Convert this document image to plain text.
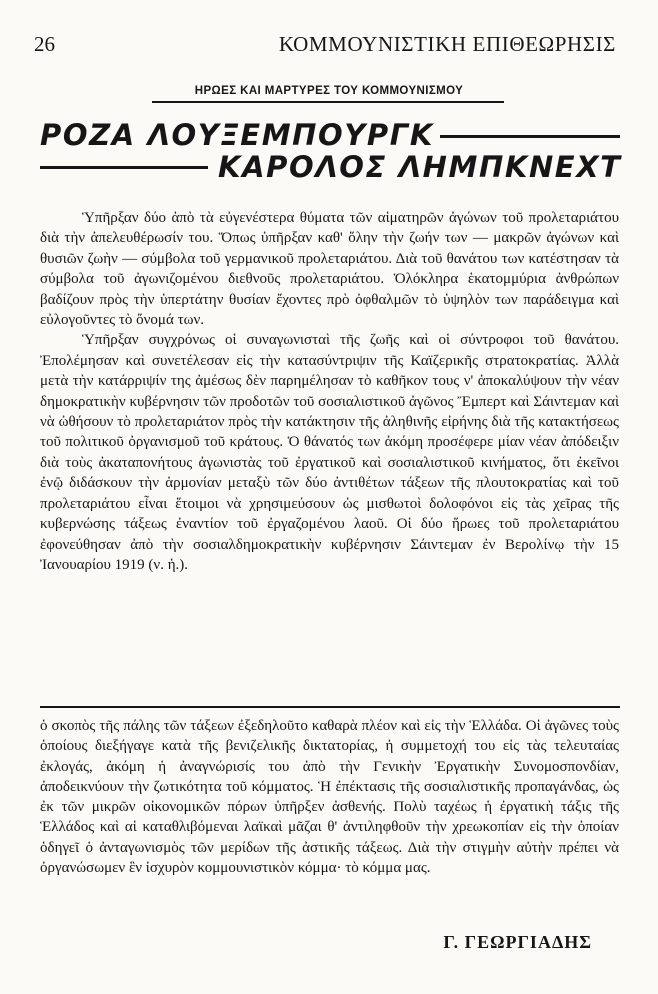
26	ΚΟΜΜΟΥΝΙΣΤΙΚΗ ΕΠΙΘΕΩΡΗΣΙΣ
ΗΡΩΕΣ ΚΑΙ ΜΑΡΤΥΡΕΣ ΤΟΥ ΚΟΜΜΟΥΝΙΣΜΟΥ
ΡΟΖΑ ΛΟΥΞΕΜΠΟΥΡΓΚ
ΚΑΡΟΛΟΣ ΛΗΜΠΚΝΕΧΤ

Ὑπῆρξαν δύο ἀπὸ τὰ εὐγενέστερα θύματα τῶν αἱματηρῶν ἀγώνων τοῦ προλεταριάτου διὰ τὴν ἀπελευθέρωσίν του. Ὅπως ὑπῆρξαν καθ' ὅλην τὴν ζωήν των — μακρῶν ἀγώνων καὶ θυσιῶν ζωὴν — σύμβολα τοῦ γερμανικοῦ προλεταριάτου. Διὰ τοῦ θανάτου των κατέστησαν τὰ σύμβολα τοῦ ἀγωνιζομένου διεθνοῦς προλεταριάτου. Ὁλόκληρα ἑκατομμύρια ἀνθρώπων βαδίζουν πρὸς τὴν ὑπερτάτην θυσίαν ἔχοντες πρὸ ὀφθαλμῶν τὸ ὑψηλὸν των παράδειγμα καὶ εὐλογοῦντες τὸ ὄνομά των.

Ὑπῆρξαν συγχρόνως οἱ συναγωνισταὶ τῆς ζωῆς καὶ οἱ σύντροφοι τοῦ θανάτου. Ἐπολέμησαν καὶ συνετέλεσαν εἰς τὴν κατασύντριψιν τῆς Καϊζερικῆς στρατοκρατίας. Ἀλλὰ μετὰ τὴν κατάρριψίν της ἀμέσως δὲν παρημέλησαν τὸ καθῆκον τους ν' ἀποκαλύψουν τὴν νέαν δημοκρατικὴν κυβέρνησιν τῶν προδοτῶν τοῦ σοσιαλιστικοῦ ἀγῶνος Ἔμπερτ καὶ Σάιντεμαν καὶ νὰ ὠθήσουν τὸ προλεταριάτον πρὸς τὴν κατάκτησιν τῆς ἀληθινῆς εἰρήνης διὰ τῆς κατακτήσεως τοῦ πολιτικοῦ ὀργανισμοῦ τοῦ κράτους. Ὁ θάνατός των ἀκόμη προσέφερε μίαν νέαν ἀπόδειξιν διὰ τοὺς ἀκαταπονήτους ἀγωνιστὰς τοῦ ἐργατικοῦ καὶ σοσιαλιστικοῦ κινήματος, ὅτι ἐκεῖνοι ἐνῷ διδάσκουν τὴν ἁρμονίαν μεταξὺ τῶν δύο ἀντιθέτων τάξεων τῆς πλουτοκρατίας καὶ τοῦ προλεταριάτου εἶναι ἕτοιμοι νὰ χρησιμεύσουν ὡς μισθωτοὶ δολοφόνοι εἰς τὰς χεῖρας τῆς κυβερνώσης τάξεως ἐναντίον τοῦ ἐργαζομένου λαοῦ. Οἱ δύο ἥρωες τοῦ προλεταριάτου ἐφονεύθησαν ἀπὸ τὴν σοσιαλδημοκρατικὴν κυβέρνησιν Σάιντεμαν ἐν Βερολίνῳ τὴν 15 Ἰανουαρίου 1919 (ν. ἡ.).

ὁ σκοπὸς τῆς πάλης τῶν τάξεων ἐξεδηλοῦτο καθαρὰ πλέον καὶ εἰς τὴν Ἑλλάδα. Οἱ ἀγῶνες τοὺς ὁποίους διεξήγαγε κατὰ τῆς βενιζελικῆς δικτατορίας, ἡ συμμετοχή του εἰς τὰς τελευταίας ἐκλογάς, ἀκόμη ἡ ἀναγνώρισίς του ἀπὸ τὴν Γενικὴν Ἐργατικὴν Συνομοσπονδίαν, ἀποδεικνύουν τὴν ζωτικότητα τοῦ κόμματος. Ἡ ἐπέκτασις τῆς σοσιαλιστικῆς προπαγάνδας, ὡς ἐκ τῶν μικρῶν οἰκονομικῶν πόρων ὑπῆρξεν ἀσθενής. Πολὺ ταχέως ἡ ἐργατικὴ τάξις τῆς Ἑλλάδος καὶ αἱ καταθλιβόμεναι λαϊκαὶ μᾶζαι θ' ἀντιληφθοῦν τὴν χρεωκοπίαν εἰς τὴν ὁποίαν ὁδηγεῖ ὁ ἀνταγωνισμὸς τῶν μερίδων τῆς ἀστικῆς τάξεως. Διὰ τὴν στιγμὴν αὐτὴν πρέπει νὰ ὀργανώσωμεν ἓν ἰσχυρὸν κομμουνιστικὸν κόμμα· τὸ κόμμα μας.

Γ. ΓΕΩΡΓΙΑΔΗΣ
